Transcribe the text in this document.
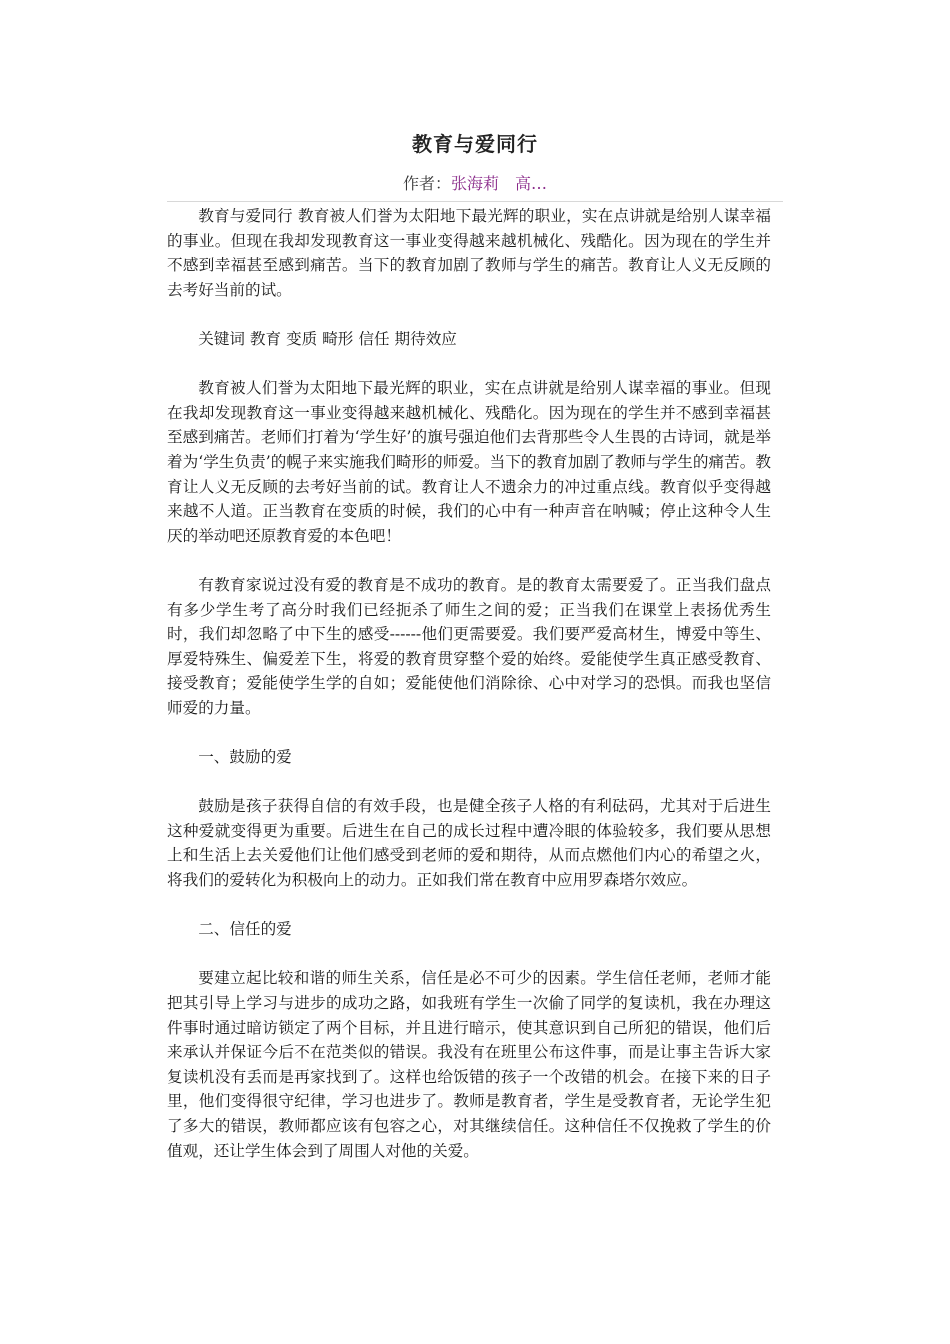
教育与爱同行
作者：张海莉　高…

教育与爱同行 教育被人们誉为太阳地下最光辉的职业，实在点讲就是给别人谋幸福的事业。但现在我却发现教育这一事业变得越来越机械化、残酷化。因为现在的学生并不感到幸福甚至感到痛苦。当下的教育加剧了教师与学生的痛苦。教育让人义无反顾的去考好当前的试。

关键词 教育 变质 畸形 信任 期待效应

教育被人们誉为太阳地下最光辉的职业，实在点讲就是给别人谋幸福的事业。但现在我却发现教育这一事业变得越来越机械化、残酷化。因为现在的学生并不感到幸福甚至感到痛苦。老师们打着为‘学生好’的旗号强迫他们去背那些令人生畏的古诗词，就是举着为‘学生负责’的幌子来实施我们畸形的师爱。当下的教育加剧了教师与学生的痛苦。教育让人义无反顾的去考好当前的试。教育让人不遗余力的冲过重点线。教育似乎变得越来越不人道。正当教育在变质的时候，我们的心中有一种声音在呐喊；停止这种令人生厌的举动吧还原教育爱的本色吧！

有教育家说过没有爱的教育是不成功的教育。是的教育太需要爱了。正当我们盘点有多少学生考了高分时我们已经扼杀了师生之间的爱；正当我们在课堂上表扬优秀生时，我们却忽略了中下生的感受------他们更需要爱。我们要严爱高材生，博爱中等生、厚爱特殊生、偏爱差下生，将爱的教育贯穿整个爱的始终。爱能使学生真正感受教育、接受教育；爱能使学生学的自如；爱能使他们消除徐、心中对学习的恐惧。而我也坚信师爱的力量。

一、鼓励的爱

鼓励是孩子获得自信的有效手段，也是健全孩子人格的有利砝码，尤其对于后进生这种爱就变得更为重要。后进生在自己的成长过程中遭冷眼的体验较多，我们要从思想上和生活上去关爱他们让他们感受到老师的爱和期待，从而点燃他们内心的希望之火，将我们的爱转化为积极向上的动力。正如我们常在教育中应用罗森塔尔效应。

二、信任的爱

要建立起比较和谐的师生关系，信任是必不可少的因素。学生信任老师，老师才能把其引导上学习与进步的成功之路，如我班有学生一次偷了同学的复读机，我在办理这件事时通过暗访锁定了两个目标，并且进行暗示，使其意识到自己所犯的错误，他们后来承认并保证今后不在范类似的错误。我没有在班里公布这件事，而是让事主告诉大家复读机没有丢而是再家找到了。这样也给饭错的孩子一个改错的机会。在接下来的日子里，他们变得很守纪律，学习也进步了。教师是教育者，学生是受教育者，无论学生犯了多大的错误，教师都应该有包容之心，对其继续信任。这种信任不仅挽救了学生的价值观，还让学生体会到了周围人对他的关爱。
